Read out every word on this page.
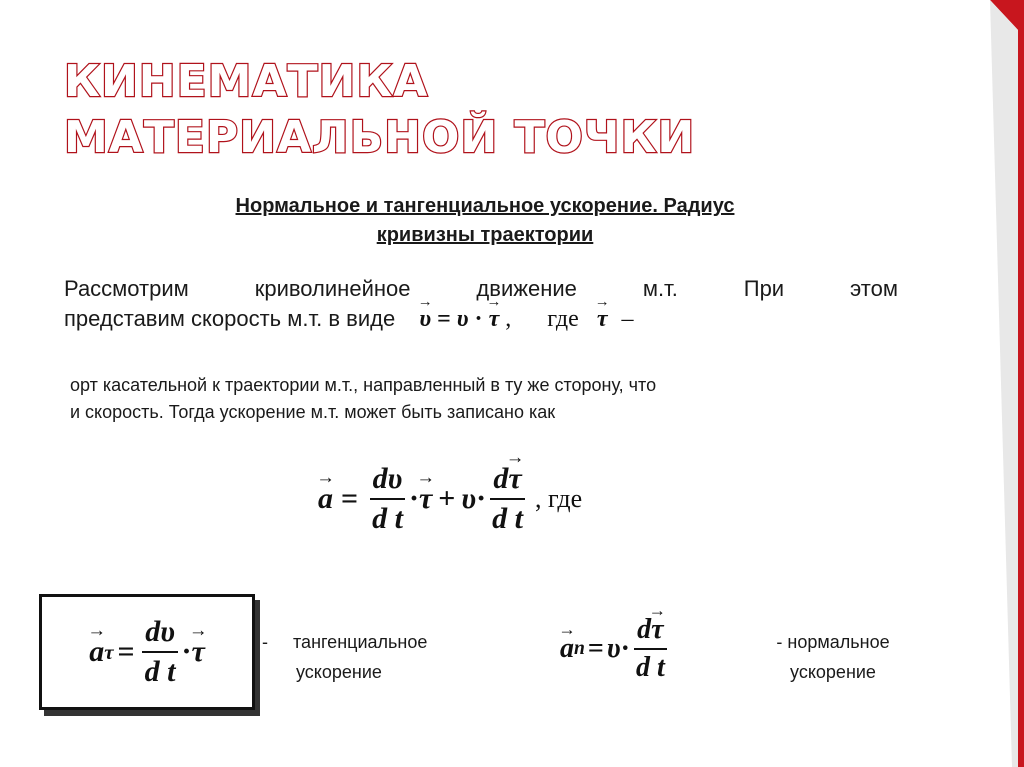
КИНЕМАТИКА
МАТЕРИАЛЬНОЙ ТОЧКИ
Нормальное и тангенциальное ускорение. Радиус
кривизны траектории
Рассмотрим	криволинейное	движение	м.т.	При	этом
представим скорость м.т. в виде → υ = υ · → τ , где → τ –
орт касательной к траектории м.т., направленный в ту же сторону, что
и скорость. Тогда ускорение м.т. может быть записано как
→ $a = \frac{d\upsilon}{\text{d t}}$ · → $\tau + \upsilon \cdot \frac{d\to \tau}{\text{d t}}$ , где
→ a $\tau = \frac{d\upsilon}{\text{d t}}$ · → τ	- тангенциальное
ускорение
→ a $n = \upsilon \cdot \frac{d\to \tau}{\text{d t}}$	- нормальное
ускорение
